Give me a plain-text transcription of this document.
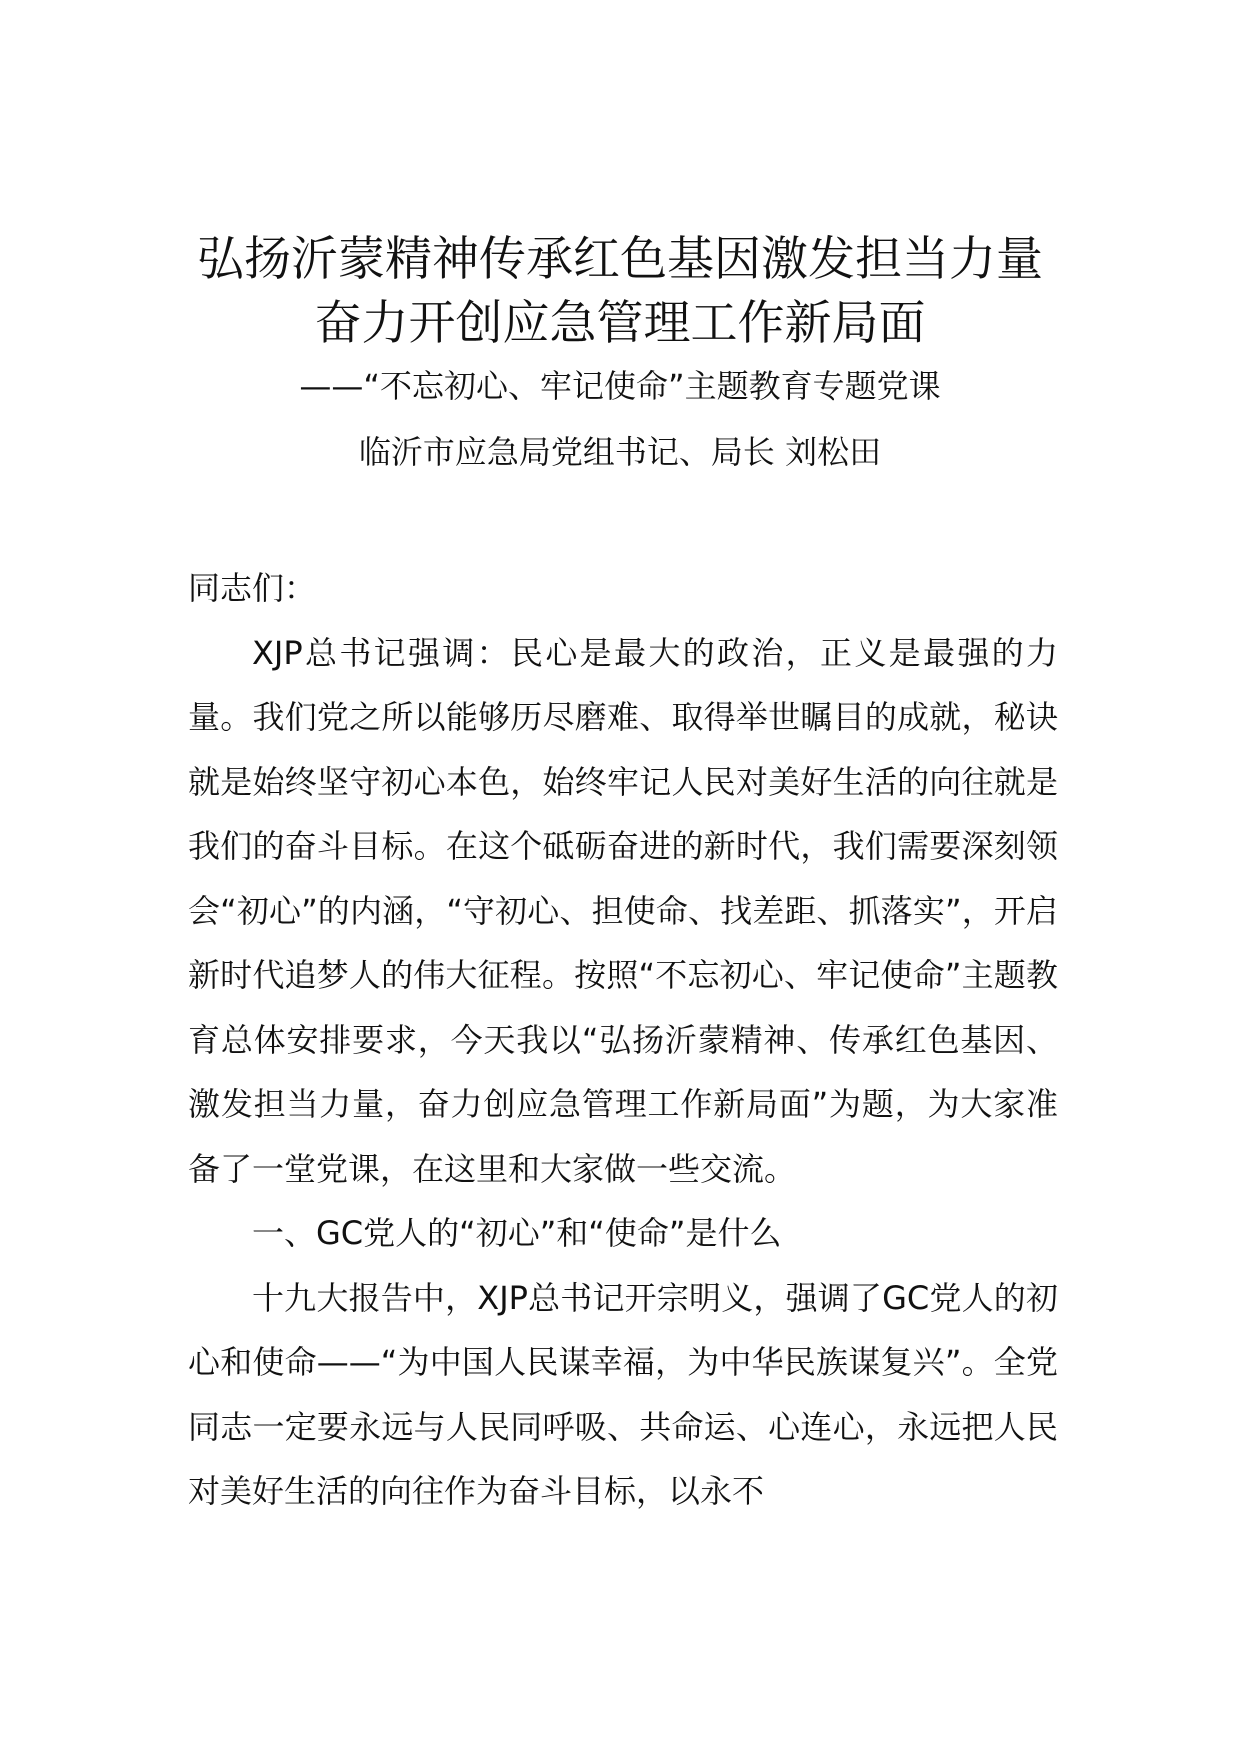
弘扬沂蒙精神传承红色基因激发担当力量
奋力开创应急管理工作新局面
——“不忘初心、牢记使命”主题教育专题党课
临沂市应急局党组书记、局长 刘松田

同志们：

XJP总书记强调：民心是最大的政治，正义是最强的力量。我们党之所以能够历尽磨难、取得举世瞩目的成就，秘诀就是始终坚守初心本色，始终牢记人民对美好生活的向往就是我们的奋斗目标。在这个砥砺奋进的新时代，我们需要深刻领会“初心”的内涵，“守初心、担使命、找差距、抓落实”，开启新时代追梦人的伟大征程。按照“不忘初心、牢记使命”主题教育总体安排要求，今天我以“弘扬沂蒙精神、传承红色基因、激发担当力量，奋力创应急管理工作新局面”为题，为大家准备了一堂党课，在这里和大家做一些交流。

一、GC党人的“初心”和“使命”是什么

十九大报告中，XJP总书记开宗明义，强调了GC党人的初心和使命——“为中国人民谋幸福，为中华民族谋复兴”。全党同志一定要永远与人民同呼吸、共命运、心连心，永远把人民对美好生活的向往作为奋斗目标，以永不
